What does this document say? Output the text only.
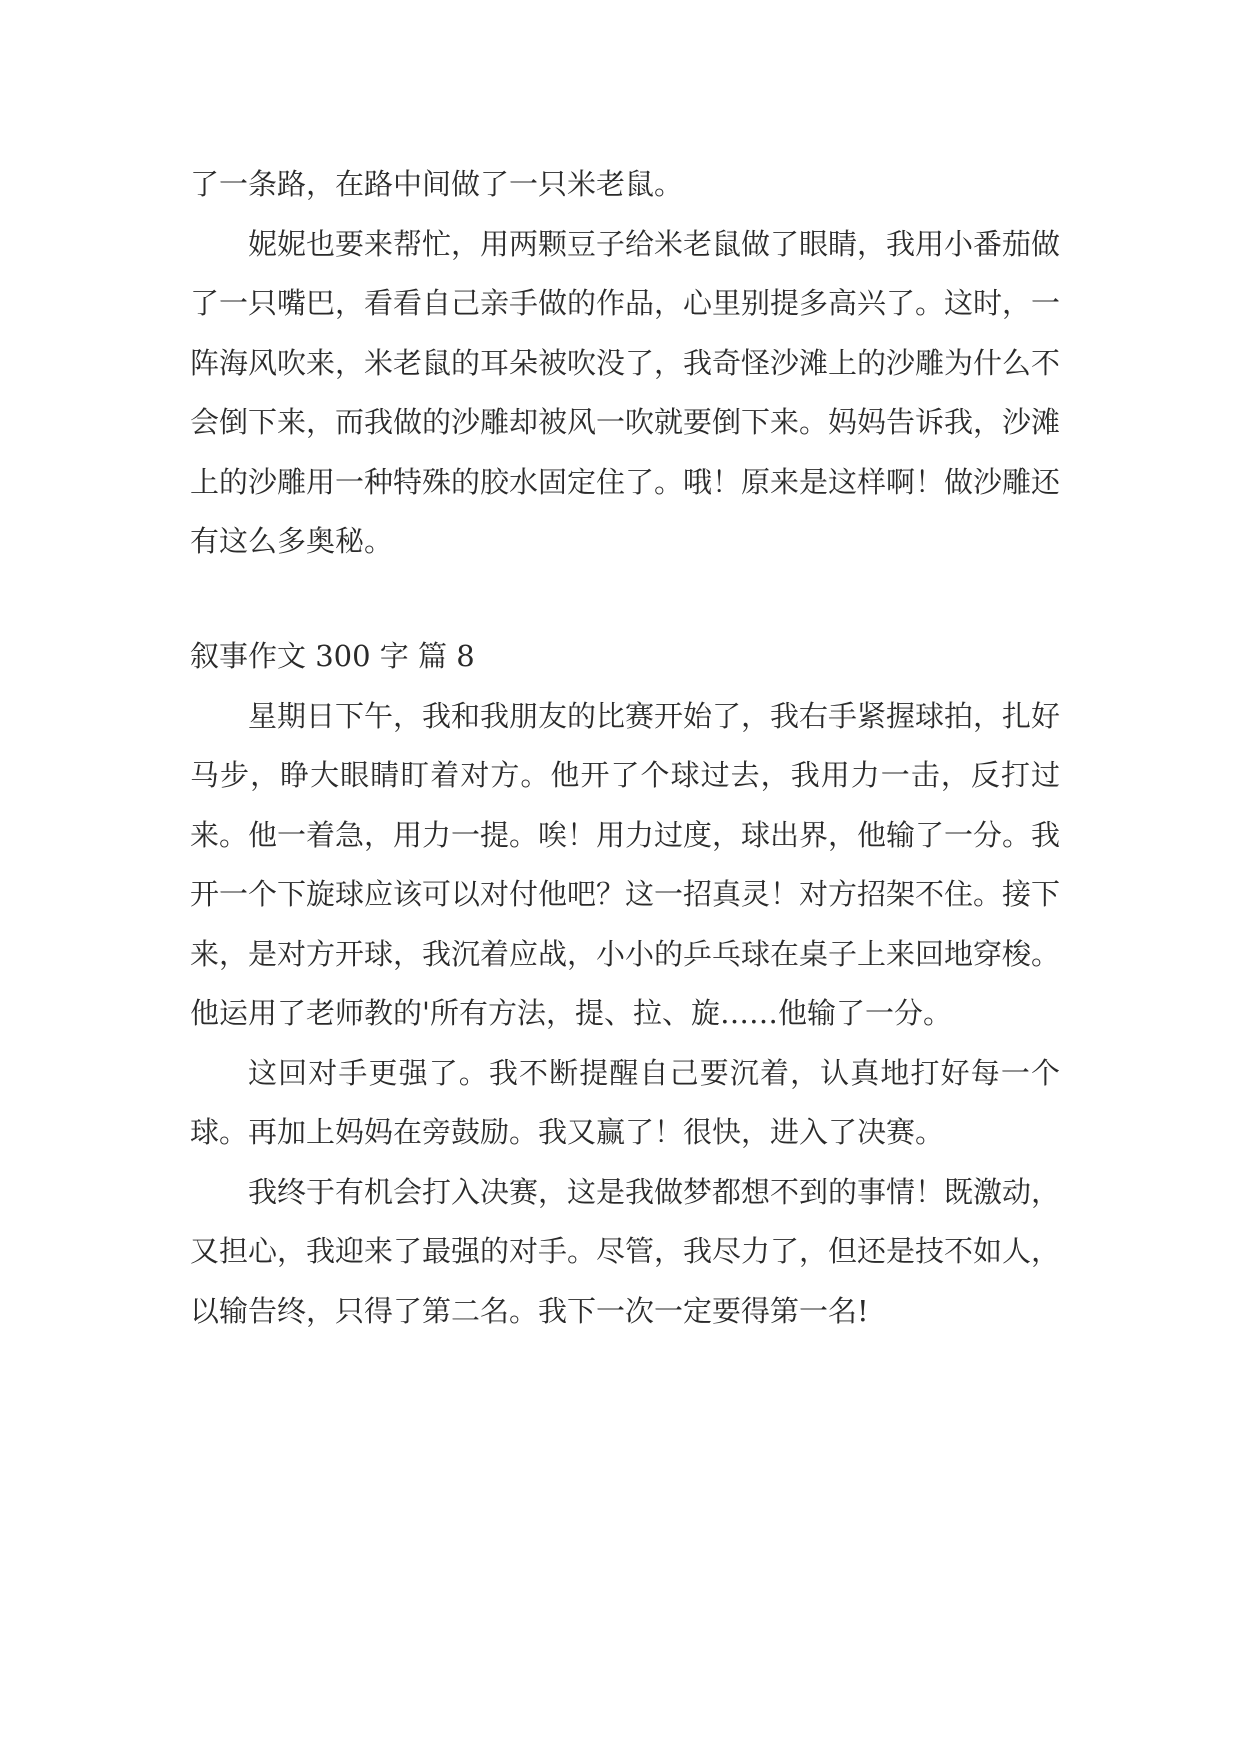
了一条路，在路中间做了一只米老鼠。

妮妮也要来帮忙，用两颗豆子给米老鼠做了眼睛，我用小番茄做了一只嘴巴，看看自己亲手做的作品，心里别提多高兴了。这时，一阵海风吹来，米老鼠的耳朵被吹没了，我奇怪沙滩上的沙雕为什么不会倒下来，而我做的沙雕却被风一吹就要倒下来。妈妈告诉我，沙滩上的沙雕用一种特殊的胶水固定住了。哦！原来是这样啊！做沙雕还有这么多奥秘。

叙事作文 300 字 篇 8

星期日下午，我和我朋友的比赛开始了，我右手紧握球拍，扎好马步，睁大眼睛盯着对方。他开了个球过去，我用力一击，反打过来。他一着急，用力一提。唉！用力过度，球出界，他输了一分。我开一个下旋球应该可以对付他吧？这一招真灵！对方招架不住。接下来，是对方开球，我沉着应战，小小的乒乓球在桌子上来回地穿梭。他运用了老师教的'所有方法，提、拉、旋……他输了一分。

这回对手更强了。我不断提醒自己要沉着，认真地打好每一个球。再加上妈妈在旁鼓励。我又赢了！很快，进入了决赛。

我终于有机会打入决赛，这是我做梦都想不到的事情！既激动，又担心，我迎来了最强的对手。尽管，我尽力了，但还是技不如人，以输告终，只得了第二名。我下一次一定要得第一名!
